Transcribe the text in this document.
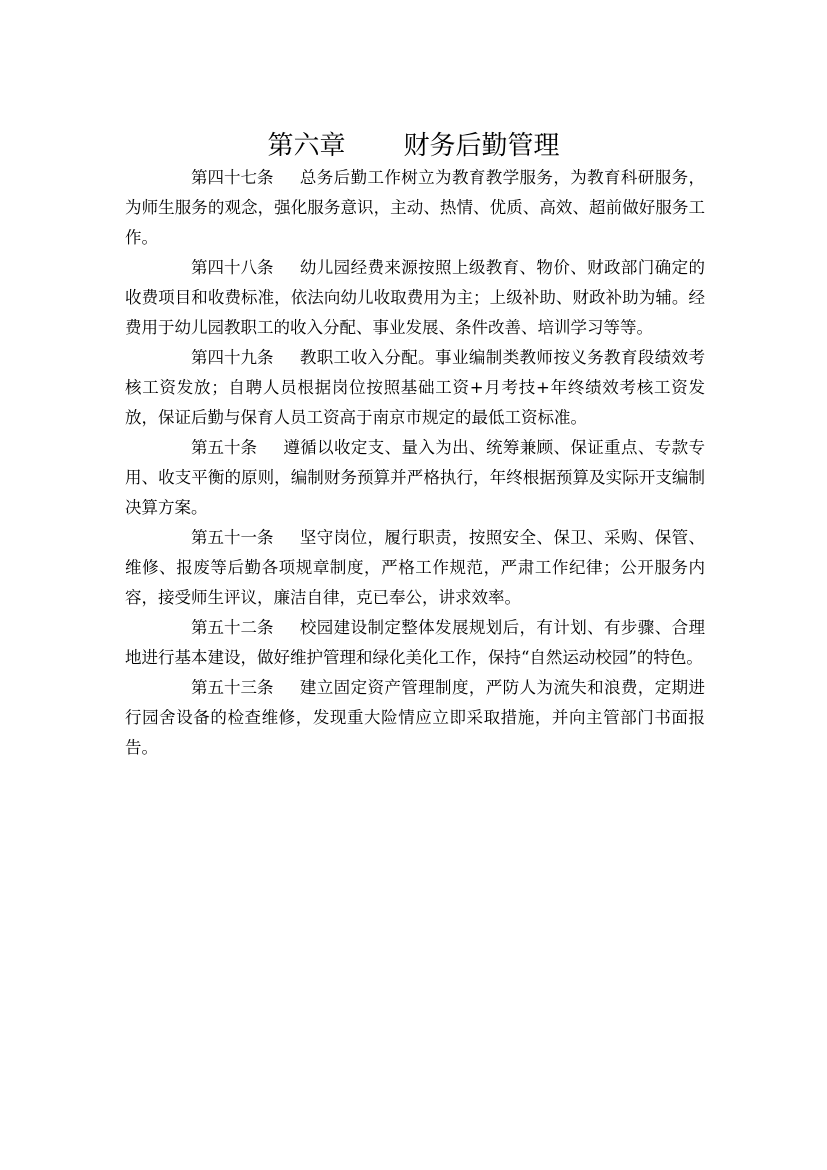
第六章 财务后勤管理

第四十七条 总务后勤工作树立为教育教学服务，为教育科研服务，为师生服务的观念，强化服务意识，主动、热情、优质、高效、超前做好服务工作。

第四十八条 幼儿园经费来源按照上级教育、物价、财政部门确定的收费项目和收费标准，依法向幼儿收取费用为主；上级补助、财政补助为辅。经费用于幼儿园教职工的收入分配、事业发展、条件改善、培训学习等等。

第四十九条 教职工收入分配。事业编制类教师按义务教育段绩效考核工资发放；自聘人员根据岗位按照基础工资+月考技+年终绩效考核工资发放，保证后勤与保育人员工资高于南京市规定的最低工资标准。

第五十条 遵循以收定支、量入为出、统筹兼顾、保证重点、专款专用、收支平衡的原则，编制财务预算并严格执行，年终根据预算及实际开支编制决算方案。

第五十一条 坚守岗位，履行职责，按照安全、保卫、采购、保管、维修、报废等后勤各项规章制度，严格工作规范，严肃工作纪律；公开服务内容，接受师生评议，廉洁自律，克已奉公，讲求效率。

第五十二条 校园建设制定整体发展规划后，有计划、有步骤、合理地进行基本建设，做好维护管理和绿化美化工作，保持“自然运动校园”的特色。

第五十三条 建立固定资产管理制度，严防人为流失和浪费，定期进行园舍设备的检查维修，发现重大险情应立即采取措施，并向主管部门书面报告。
